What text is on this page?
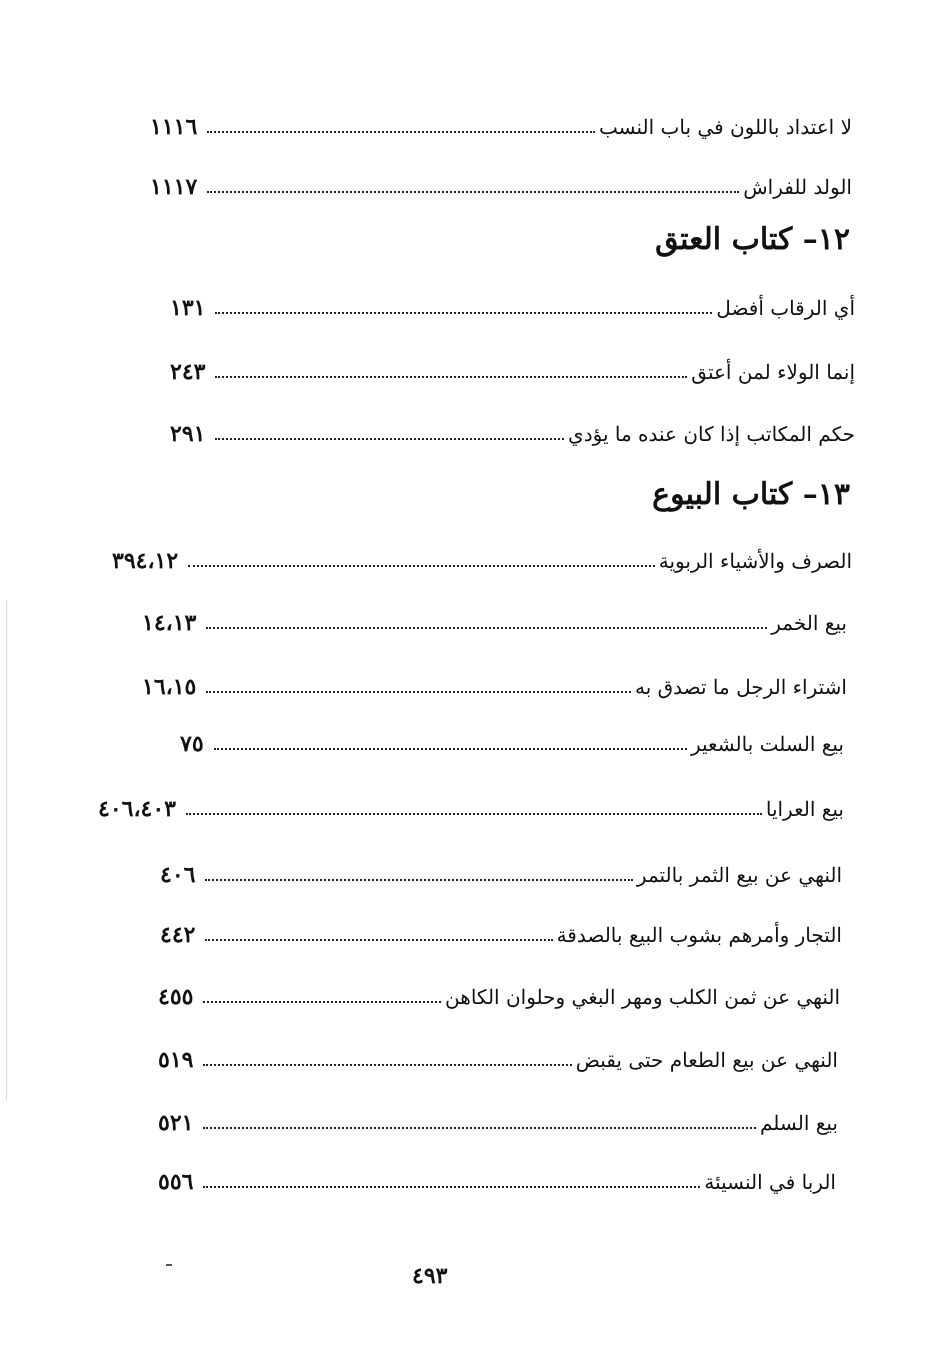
لا اعتداد باللون في باب النسب
١١١٦
الولد للفراش
١١١٧
١٢– كتاب العتق
أي الرقاب أفضل
١٣١
إنما الولاء لمن أعتق
٢٤٣
حكم المكاتب إذا كان عنده ما يؤدي
٢٩١
١٣– كتاب البيوع
الصرف والأشياء الربوية
٣٩٤،١٢
بيع الخمر
١٤،١٣
اشتراء الرجل ما تصدق به
١٦،١٥
بيع السلت بالشعير
٧٥
بيع العرايا
٤٠٦،٤٠٣
النهي عن بيع الثمر بالتمر
٤٠٦
التجار وأمرهم بشوب البيع بالصدقة
٤٤٢
النهي عن ثمن الكلب ومهر البغي وحلوان الكاهن
٤٥٥
النهي عن بيع الطعام حتى يقبض
٥١٩
بيع السلم
٥٢١
الربا في النسيئة
٥٥٦
٤٩٣
